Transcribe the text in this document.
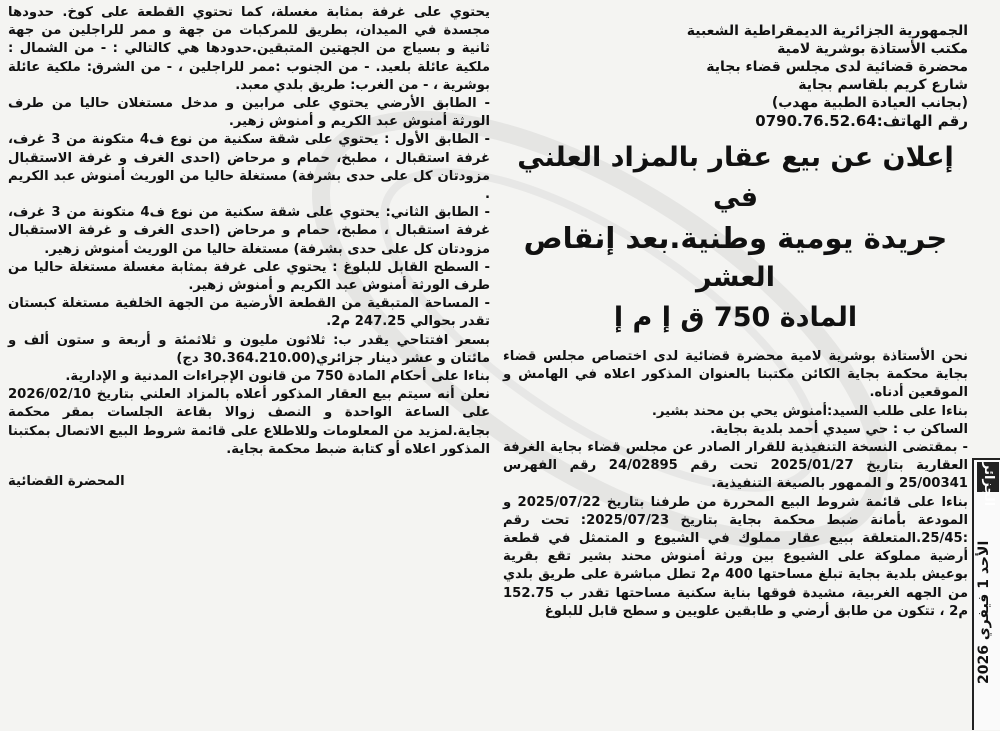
الجمهورية الجزائرية الديمقراطية الشعبية

مكتب الأستاذة بوشرية لامية

محضرة قضائية لدى مجلس قضاء بجاية

شارع كريم بلقاسم بجاية

(بجانب العيادة الطبية مهدب)

رقم الهاتف:0790.76.52.64

إعلان عن بيع عقار بالمزاد العلني في
جريدة يومية وطنية.بعد إنقاص
العشر
المادة 750 ق إ م إ

نحن الأستاذة بوشرية لامية محضرة قضائية لدى اختصاص مجلس قضاء بجاية محكمة بجاية الكائن مكتبنا بالعنوان المذكور اعلاه في الهامش و الموقعين أدناه.

بناءا على طلب السيد:أمنوش يحي بن محند بشير.

الساكن ب : حي سيدي أحمد بلدية بجاية.

- بمقتضى النسخة التنفيذية للقرار الصادر عن مجلس قضاء بجاية الغرفة العقارية بتاريخ 2025/01/27 تحت رقم 24/02895 رقم الفهرس 25/00341 و الممهور بالصيغة التنفيذية.

بناءا على قائمة شروط البيع المحررة من طرفنا بتاريخ 2025/07/22 و المودعة بأمانة ضبط محكمة بجاية بتاريخ 2025/07/23: تحت رقم :25/45.المتعلقة ببيع عقار مملوك في الشيوع و المتمثل في قطعة أرضية مملوكة على الشيوع بين ورثة أمنوش محند بشير تقع بقرية بوعيش بلدية بجاية تبلغ مساحتها 400 م2 تطل مباشرة على طريق بلدي من الجهه الغربية، مشيدة فوقها بناية سكنية مساحتها تقدر ب 152.75 م2 ، تتكون من طابق أرضي و طابقين علويين و سطح قابل للبلوغ

يحتوي على غرفة بمثابة مغسلة، كما تحتوي القطعة على كوخ. حدودها مجسدة في الميدان، بطريق للمركبات من جهة و ممر للراجلين من جهة ثانية و بسياج من الجهتين المتبقين.حدودها هي كالتالي : - من الشمال : ملكية عائلة بلعيد. - من الجنوب :ممر للراجلين ، - من الشرق: ملكية عائلة بوشرية ، - من الغرب: طريق بلدي معبد.

- الطابق الأرضي يحتوي على مرابين و مدخل مستغلان حاليا من طرف الورثة أمنوش عبد الكريم و أمنوش زهير.

- الطابق الأول : يحتوي على شقة سكنية من نوع ف4 متكونة من 3 غرف، غرفة استقبال ، مطبخ، حمام و مرحاض (احدى الغرف و غرفة الاستقبال مزودتان كل على حدى بشرفة) مستغلة حاليا من الوريث أمنوش عبد الكريم .

- الطابق الثاني: يحتوي على شقة سكنية من نوع ف4 متكونة من 3 غرف، غرفة استقبال ، مطبخ، حمام و مرحاض (احدى الغرف و غرفة الاستقبال مزودتان كل على حدى بشرفة) مستغلة حاليا من الوريث أمنوش زهير.

- السطح القابل للبلوغ : يحتوي على غرفة بمثابة مغسلة مستغلة حاليا من طرف الورثة أمنوش عبد الكريم و أمنوش زهير.

- المساحة المتبقية من القطعة الأرضية من الجهة الخلفية مستغلة كبستان تقدر بحوالي 247.25 م2.

بسعر افتتاحي يقدر ب: ثلاثون مليون و ثلاثمئة و أربعة و ستون ألف و مائتان و عشر دينار جزائري(30.364.210.00 دج)

بناءا على أحكام المادة 750 من قانون الإجراءات المدنية و الإدارية.

نعلن أنه سيتم بيع العقار المذكور أعلاه بالمزاد العلني بتاريخ 2026/02/10 على الساعة الواحدة و النصف زوالا بقاعة الجلسات بمقر محكمة بجاية.لمزيد من المعلومات وللاطلاع على قائمة شروط البيع الاتصال بمكتبنا المذكور اعلاه أو كتابة ضبط محكمة بجاية.

المحضرة القضائية	الجزائر
الأحد 1 فيفري 2026
